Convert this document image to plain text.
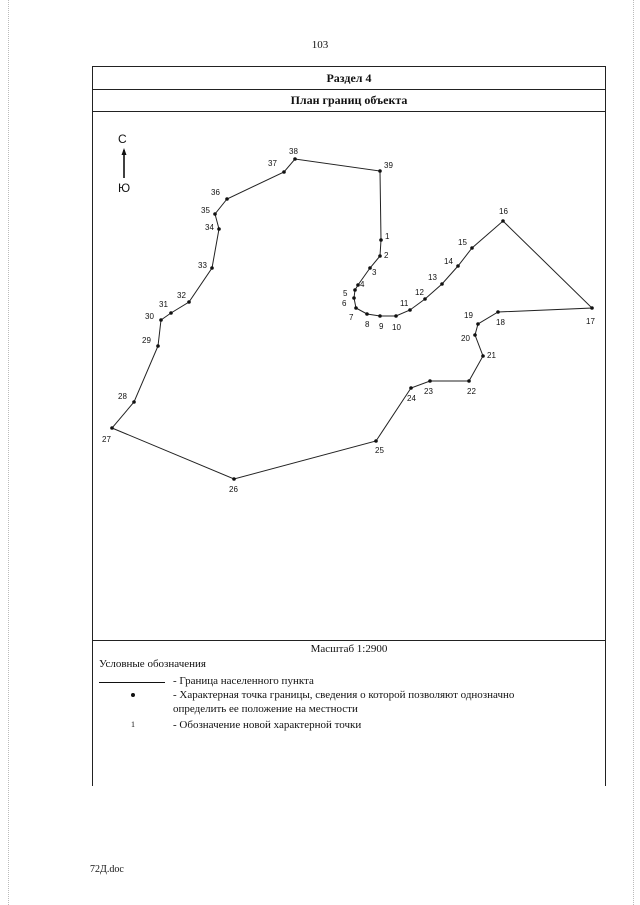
103
Раздел 4
План границ объекта
Масштаб 1:2900
Условные обозначения
- Граница населенного пункта
- Характерная точка границы, сведения о которой позволяют однозначно определить ее положение на местности
1	- Обозначение новой характерной точки
С
Ю
1
2
3
4
5
6
7
8 9 10
11
12
13
14
15
16
17
18
19
20
21
22
23
24
25
26
27
28
29
30
31
32
33
34
35
36
37
38
39
72Д.doc
